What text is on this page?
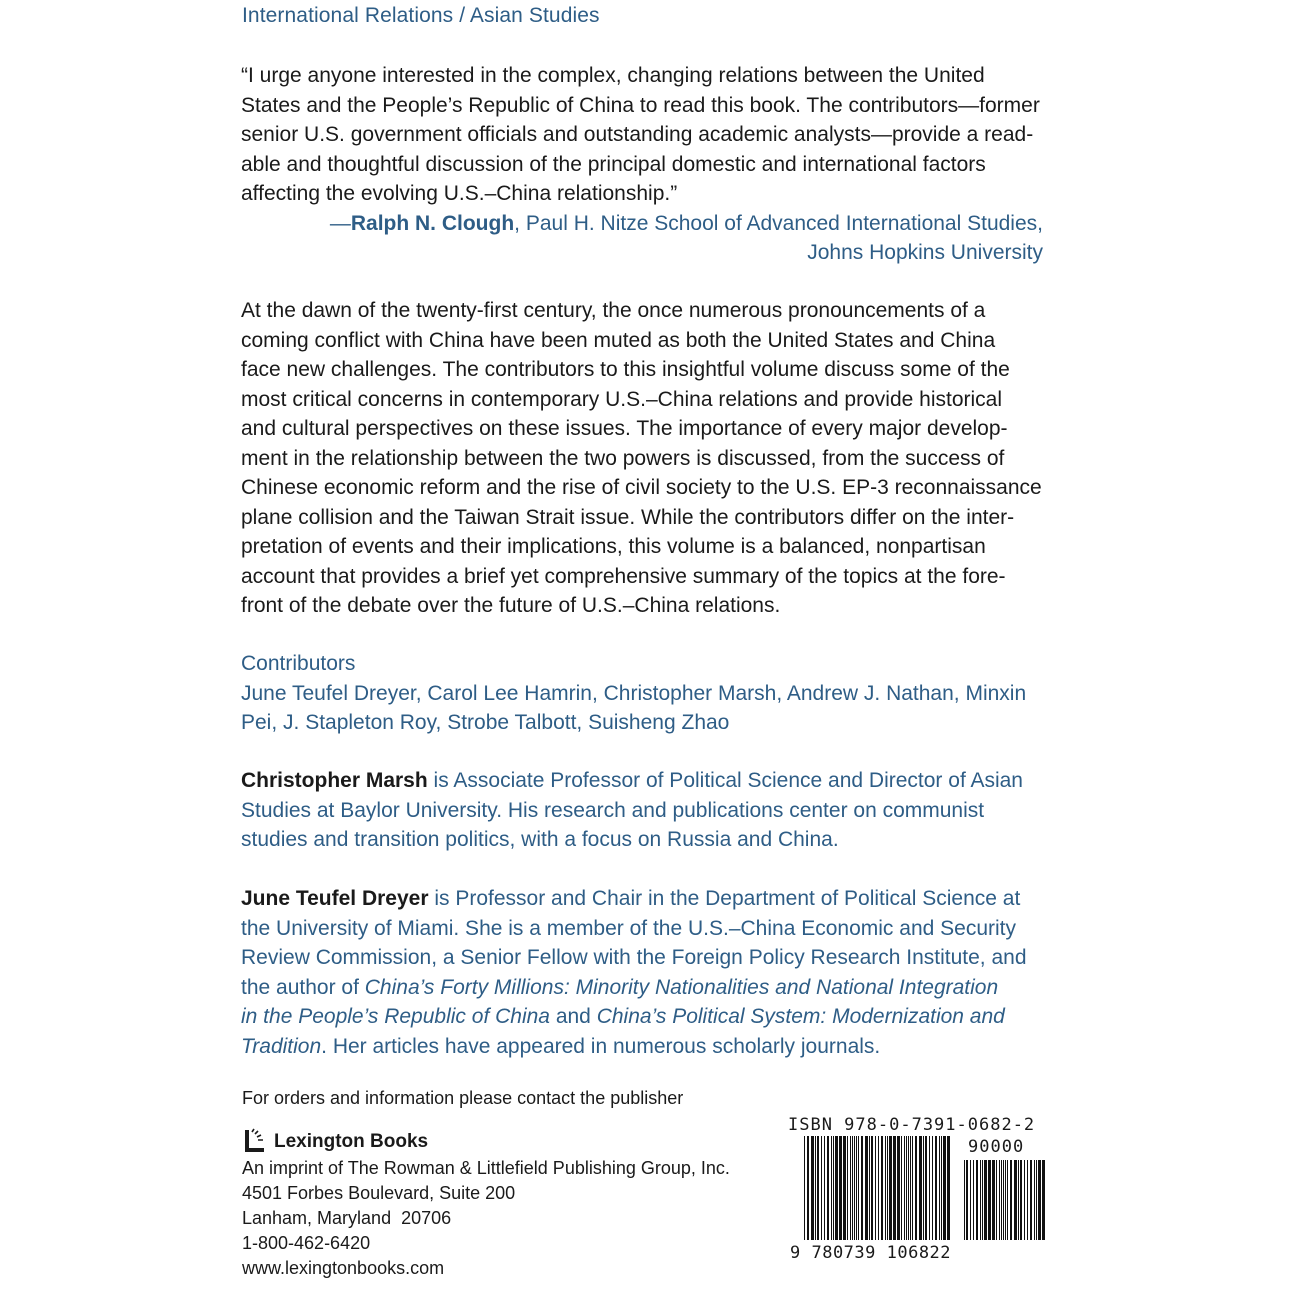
International Relations / Asian Studies
“I urge anyone interested in the complex, changing relations between the United
States and the People’s Republic of China to read this book. The contributors—former
senior U.S. government officials and outstanding academic analysts—provide a read-
able and thoughtful discussion of the principal domestic and international factors
affecting the evolving U.S.–China relationship.”
—Ralph N. Clough, Paul H. Nitze School of Advanced International Studies,
Johns Hopkins University
At the dawn of the twenty-first century, the once numerous pronouncements of a
coming conflict with China have been muted as both the United States and China
face new challenges. The contributors to this insightful volume discuss some of the
most critical concerns in contemporary U.S.–China relations and provide historical
and cultural perspectives on these issues. The importance of every major develop-
ment in the relationship between the two powers is discussed, from the success of
Chinese economic reform and the rise of civil society to the U.S. EP-3 reconnaissance
plane collision and the Taiwan Strait issue. While the contributors differ on the inter-
pretation of events and their implications, this volume is a balanced, nonpartisan
account that provides a brief yet comprehensive summary of the topics at the fore-
front of the debate over the future of U.S.–China relations.
Contributors
June Teufel Dreyer, Carol Lee Hamrin, Christopher Marsh, Andrew J. Nathan, Minxin
Pei, J. Stapleton Roy, Strobe Talbott, Suisheng Zhao
Christopher Marsh is Associate Professor of Political Science and Director of Asian
Studies at Baylor University. His research and publications center on communist
studies and transition politics, with a focus on Russia and China.
June Teufel Dreyer is Professor and Chair in the Department of Political Science at
the University of Miami. She is a member of the U.S.–China Economic and Security
Review Commission, a Senior Fellow with the Foreign Policy Research Institute, and
the author of China’s Forty Millions: Minority Nationalities and National Integration
in the People’s Republic of China and China’s Political System: Modernization and
Tradition. Her articles have appeared in numerous scholarly journals.
For orders and information please contact the publisher
Lexington Books
An imprint of The Rowman & Littlefield Publishing Group, Inc.
4501 Forbes Boulevard, Suite 200
Lanham, Maryland  20706
1-800-462-6420
www.lexingtonbooks.com
ISBN 978-0-7391-0682-2
90000
9 780739 106822
